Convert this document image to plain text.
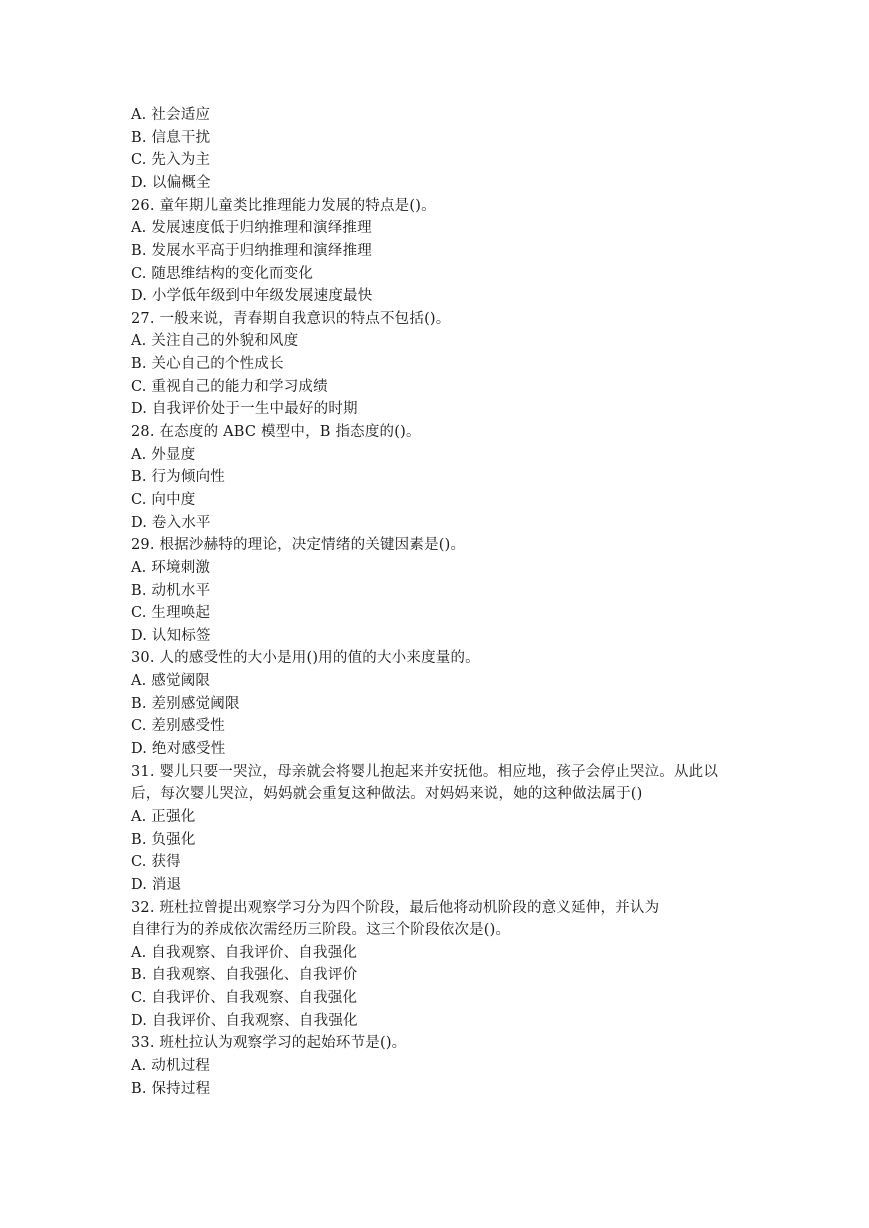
A. 社会适应
B. 信息干扰
C. 先入为主
D. 以偏概全
26. 童年期儿童类比推理能力发展的特点是()。
A. 发展速度低于归纳推理和演绎推理
B. 发展水平高于归纳推理和演绎推理
C. 随思维结构的变化而变化
D. 小学低年级到中年级发展速度最快
27. 一般来说，青春期自我意识的特点不包括()。
A. 关注自己的外貌和风度
B. 关心自己的个性成长
C. 重视自己的能力和学习成绩
D. 自我评价处于一生中最好的时期
28. 在态度的 ABC 模型中，B 指态度的()。
A. 外显度
B. 行为倾向性
C. 向中度
D. 卷入水平
29. 根据沙赫特的理论，决定情绪的关键因素是()。
A. 环境刺激
B. 动机水平
C. 生理唤起
D. 认知标签
30. 人的感受性的大小是用()用的值的大小来度量的。
A. 感觉阈限
B. 差别感觉阈限
C. 差别感受性
D. 绝对感受性
31. 婴儿只要一哭泣，母亲就会将婴儿抱起来并安抚他。相应地，孩子会停止哭泣。从此以后，每次婴儿哭泣，妈妈就会重复这种做法。对妈妈来说，她的这种做法属于()
A. 正强化
B. 负强化
C. 获得
D. 消退
32. 班杜拉曾提出观察学习分为四个阶段，最后他将动机阶段的意义延伸，并认为自律行为的养成依次需经历三阶段。这三个阶段依次是()。
A. 自我观察、自我评价、自我强化
B. 自我观察、自我强化、自我评价
C. 自我评价、自我观察、自我强化
D. 自我评价、自我观察、自我强化
33. 班杜拉认为观察学习的起始环节是()。
A. 动机过程
B. 保持过程
